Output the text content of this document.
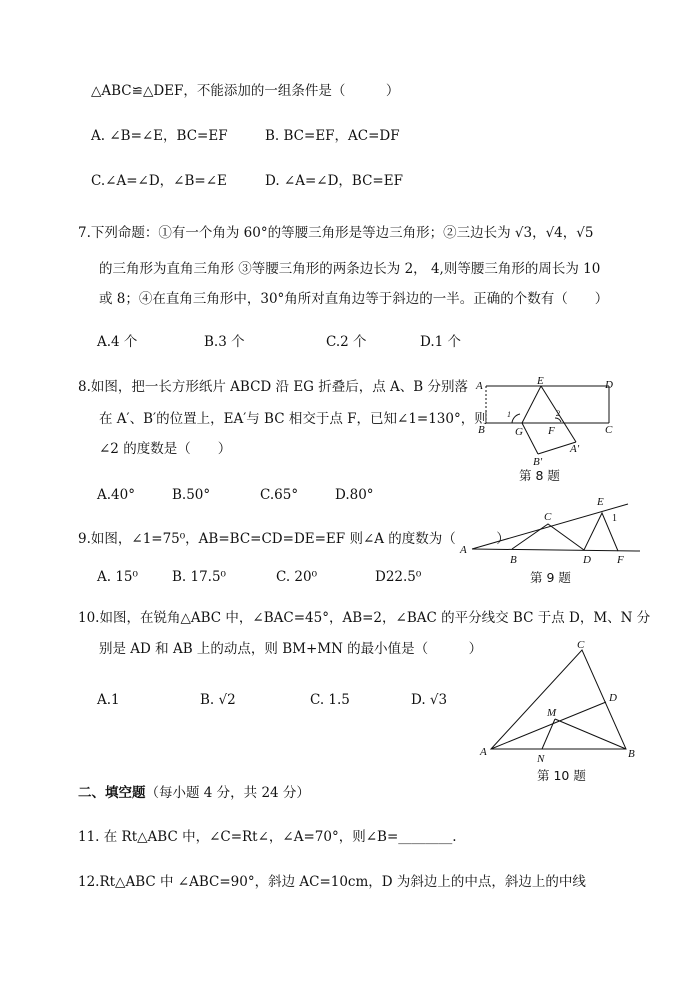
△ABC≌△DEF，不能添加的一组条件是（　　　）
A. ∠B=∠E，BC=EF	B. BC=EF，AC=DF
C.∠A=∠D，∠B=∠E	D. ∠A=∠D，BC=EF
7.下列命题：①有一个角为 60°的等腰三角形是等边三角形；②三边长为 √3，√4，√5
的三角形为直角三角形 ③等腰三角形的两条边长为 2， 4,则等腰三角形的周长为 10
或 8；④在直角三角形中，30°角所对直角边等于斜边的一半。正确的个数有（　　）
A.4 个	B.3 个	C.2 个	D.1 个
8.如图，把一长方形纸片 ABCD 沿 EG 折叠后，点 A、B 分别落
在 A′、B′的位置上，EA′与 BC 相交于点 F，已知∠1=130°，则
∠2 的度数是（　　）
A.40°	B.50°	C.65°	D.80°
第 8 题
9.如图，∠1=75⁰，AB=BC=CD=DE=EF 则∠A 的度数为（　　　）
A. 15⁰	B. 17.5⁰	C. 20⁰	D22.5⁰	第 9 题
10.如图，在锐角△ABC 中，∠BAC=45°，AB=2，∠BAC 的平分线交 BC 于点 D，M、N 分
别是 AD 和 AB 上的动点，则 BM+MN 的最小值是（　　　）
A.1	B. √2	C. 1.5	D. √3
第 10 题
二、填空题（每小题 4 分，共 24 分）
11. 在 Rt△ABC 中，∠C=Rt∠，∠A=70°，则∠B=________.
12.Rt△ABC 中 ∠ABC=90°，斜边 AC=10cm，D 为斜边上的中点，斜边上的中线
A	E	D
B	G F	C
A′
B′
1	2
A
B
C
D
E
F
1
A	B
C
D
M
N
